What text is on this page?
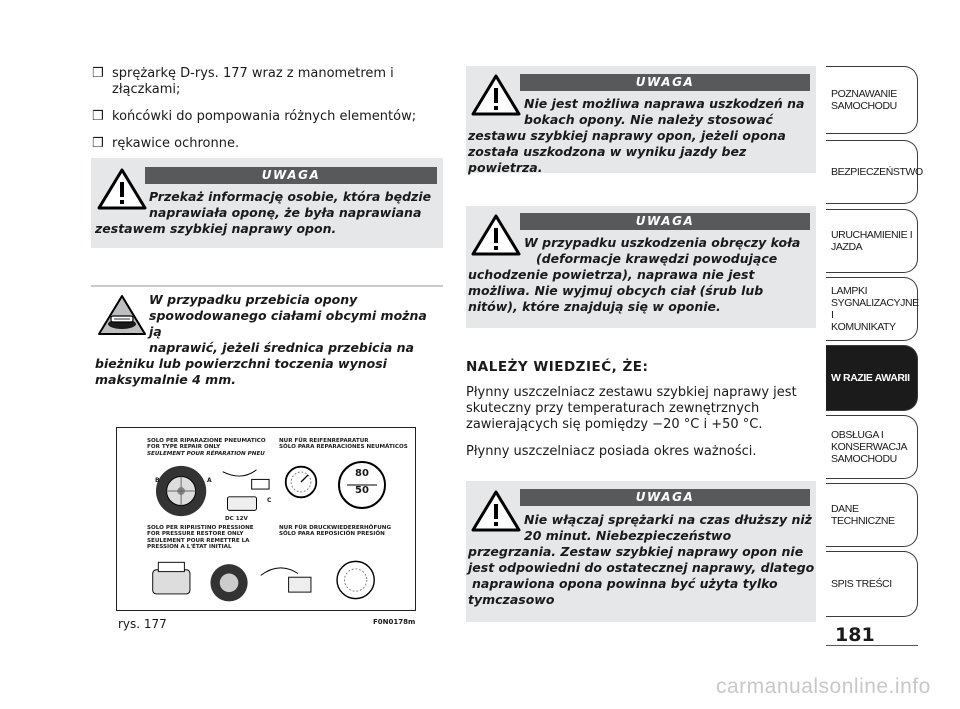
❒ sprężarkę D-rys. 177 wraz z manometrem i złączkami;
❒ końcówki do pompowania różnych elementów;
❒ rękawice ochronne.
UWAGA
Przekaż informację osobie, która będzie
naprawiała oponę, że była naprawiana
zestawem szybkiej naprawy opon.
W przypadku przebicia opony
spowodowanego ciałami obcymi można ją
naprawić, jeżeli średnica przebicia na
bieżniku lub powierzchni toczenia wynosi
maksymalnie 4 mm.
SOLO PER RIPARAZIONE PNEUMATICO
FOR TYPE REPAIR ONLY
SEULEMENT POUR RÉPARATION PNEU
NUR FÜR REIFENREPARATUR
SÓLO PARA REPARACIONES NEUMÁTICOS
B	A
C
DC 12V
80
50
SOLO PER RIPRISTINO PRESSIONE
FOR PRESSURE RESTORE ONLY
SEULEMENT POUR REMETTRE LA
PRESSION A L'ÉTAT INITIAL
NUR FÜR DRUCKWIEDERERHÖFUNG
SÓLO PARA REPOSICIÓN PRESIÓN
rys. 177	F0N0178m
UWAGA
Nie jest możliwa naprawa uszkodzeń na
bokach opony. Nie należy stosować
zestawu szybkiej naprawy opon, jeżeli opona
została uszkodzona w wyniku jazdy bez powietrza.
UWAGA
W przypadku uszkodzenia obręczy koła
(deformacje krawędzi powodujące
uchodzenie powietrza), naprawa nie jest
możliwa. Nie wyjmuj obcych ciał (śrub lub
nitów), które znajdują się w oponie.
NALEŻY WIEDZIEĆ, ŻE:
Płynny uszczelniacz zestawu szybkiej naprawy jest
skuteczny przy temperaturach zewnętrznych
zawierających się pomiędzy −20 °C i +50 °C.
Płynny uszczelniacz posiada okres ważności.
UWAGA
Nie włączaj sprężarki na czas dłuższy niż
20 minut. Niebezpieczeństwo
przegrzania. Zestaw szybkiej naprawy opon nie
jest odpowiedni do ostatecznej naprawy, dlatego
naprawiona opona powinna być użyta tylko
tymczasowo
POZNAWANIE
SAMOCHODU
BEZPIECZEŃSTWO
URUCHAMIENIE I
JAZDA
LAMPKI
SYGNALIZACYJNE I
KOMUNIKATY
W RAZIE AWARII
OBSŁUGA I
KONSERWACJA
SAMOCHODU
DANE TECHNICZNE
SPIS TREŚCI
181
carmanualsonline.info
